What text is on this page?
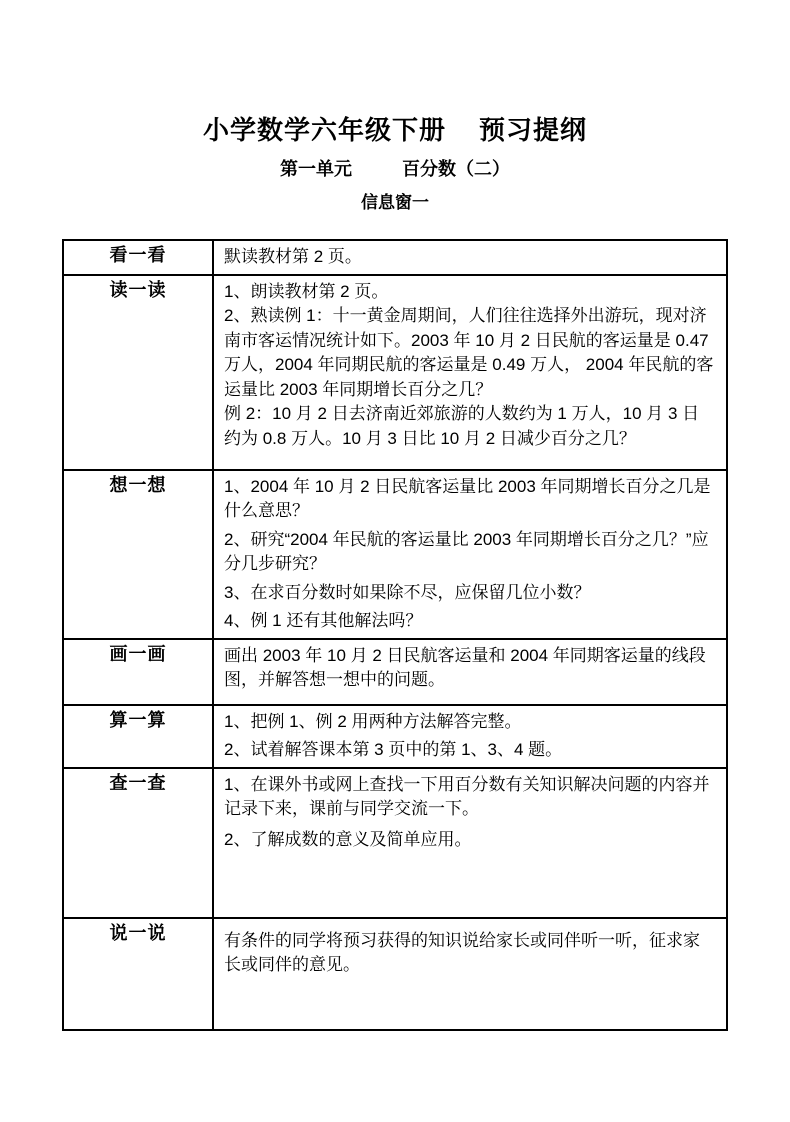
小学数学六年级下册    预习提纲
第一单元          百分数（二）
信息窗一
看一看	默读教材第 2 页。

读一读	1、朗读教材第 2 页。

2、熟读例 1：十一黄金周期间，人们往往选择外出游玩，现对济南市客运情况统计如下。2003 年 10 月 2 日民航的客运量是 0.47 万人，2004 年同期民航的客运量是 0.49 万人， 2004 年民航的客运量比 2003 年同期增长百分之几？

例 2：10 月 2 日去济南近郊旅游的人数约为 1 万人，10 月 3 日约为 0.8 万人。10 月 3 日比 10 月 2 日减少百分之几？

想一想	1、2004 年 10 月 2 日民航客运量比 2003 年同期增长百分之几是什么意思？

2、研究“2004 年民航的客运量比 2003 年同期增长百分之几？”应分几步研究？

3、在求百分数时如果除不尽，应保留几位小数？

4、例 1 还有其他解法吗？

画一画	画出 2003 年 10 月 2 日民航客运量和 2004 年同期客运量的线段图，并解答想一想中的问题。

算一算	1、把例 1、例 2 用两种方法解答完整。

2、试着解答课本第 3 页中的第 1、3、4 题。

查一查	1、在课外书或网上查找一下用百分数有关知识解决问题的内容并记录下来，课前与同学交流一下。

2、了解成数的意义及简单应用。

说一说	有条件的同学将预习获得的知识说给家长或同伴听一听，征求家长或同伴的意见。
